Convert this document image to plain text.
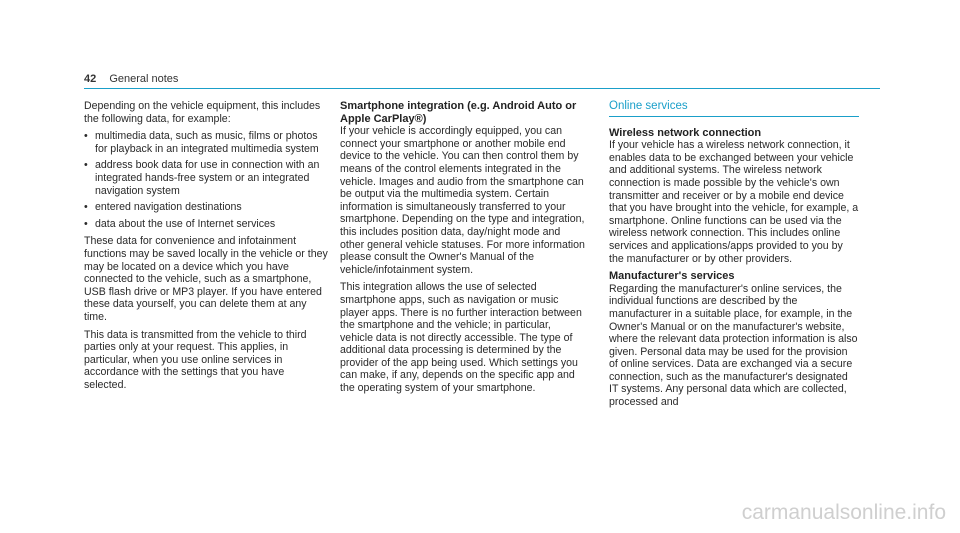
42 General notes

Depending on the vehicle equipment, this includes the following data, for example:

• multimedia data, such as music, films or photos for playback in an integrated multimedia system
• address book data for use in connection with an integrated hands-free system or an integrated navigation system
• entered navigation destinations
• data about the use of Internet services

These data for convenience and infotainment functions may be saved locally in the vehicle or they may be located on a device which you have connected to the vehicle, such as a smartphone, USB flash drive or MP3 player. If you have entered these data yourself, you can delete them at any time.

This data is transmitted from the vehicle to third parties only at your request. This applies, in particular, when you use online services in accordance with the settings that you have selected.

Smartphone integration (e.g. Android Auto or Apple CarPlay®)

If your vehicle is accordingly equipped, you can connect your smartphone or another mobile end device to the vehicle. You can then control them by means of the control elements integrated in the vehicle. Images and audio from the smartphone can be output via the multimedia system. Certain information is simultaneously transferred to your smartphone. Depending on the type and integration, this includes position data, day/night mode and other general vehicle statuses. For more information please consult the Owner's Manual of the vehicle/infotainment system.

This integration allows the use of selected smartphone apps, such as navigation or music player apps. There is no further interaction between the smartphone and the vehicle; in particular, vehicle data is not directly accessible. The type of additional data processing is determined by the provider of the app being used. Which settings you can make, if any, depends on the specific app and the operating system of your smartphone.

Online services

Wireless network connection

If your vehicle has a wireless network connection, it enables data to be exchanged between your vehicle and additional systems. The wireless network connection is made possible by the vehicle's own transmitter and receiver or by a mobile end device that you have brought into the vehicle, for example, a smartphone. Online functions can be used via the wireless network connection. This includes online services and applications/apps provided to you by the manufacturer or by other providers.

Manufacturer's services

Regarding the manufacturer's online services, the individual functions are described by the manufacturer in a suitable place, for example, in the Owner's Manual or on the manufacturer's website, where the relevant data protection information is also given. Personal data may be used for the provision of online services. Data are exchanged via a secure connection, such as the manufacturer's designated IT systems. Any personal data which are collected, processed and

carmanualsonline.info
